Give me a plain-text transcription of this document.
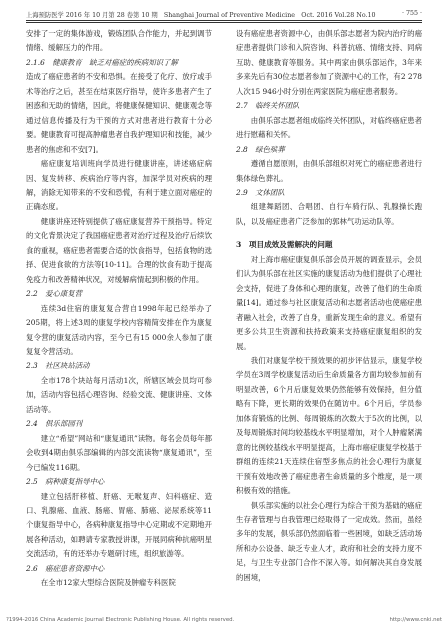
上海预防医学 2016 年 10 月第 28 卷第 10 期　Shanghai Journal of Preventive Medicine　Oct. 2016 Vol.28 No.10	· 755 ·

安排了一定的集体游戏，锻炼团队合作能力，并起到调节情绪、缓解压力的作用。

2.1.6　健康教育　缺乏对癌症的疾病知识了解

造成了癌症患者的不安和恐惧。在接受了化疗、放疗或手术等治疗之后，甚至在结束医疗指导，使许多患者产生了困惑和无助的情绪，因此，将健康保健知识、健康观念等通过信息传播及行为干预的方式对患者进行教育十分必要。健康教育可提高肿瘤患者自我护理知识和技能，减少患者的焦虑和不安[7]。

癌症康复培训班向学员进行健康讲座，讲述癌症病因、复发转移、疾病治疗等内容，加深学员对疾病的理解，消除无知带来的不安和恐慌，有利于建立面对癌症的正确态度。

健康讲座还特别提供了癌症康复营养干预指导。特定的文化背景决定了我国癌症患者对治疗过程及治疗后续饮食的重视，癌症患者需要合适的饮食指导，包括食物的选择、促进食欲的方法等[10-11]。合理的饮食有助于提高免疫力和改善精神状况，对缓解病情起到积极的作用。

2.2　爱心康复营

连续3d住宿的康复复合营自1998年起已经举办了205期，将上述3周的康复学校内容精简安排在作为康复复令营的康复活动内容，至今已有15 000余人参加了康复复令营活动。

2.3　社区块站活动

全市178个块站每月活动1次，所辖区域会员均可参加，活动内容包括心理咨询、经验交流、健康讲座、文体活动等。

2.4　俱乐部园刊

建立“希望”网站和“康复通讯”读物。每名会员每年都会收到4期由俱乐部编辑的内部交流读物“康复通讯”，至今已编发116期。

2.5　病种康复指导中心

建立包括肝移植、肝癌、无喉复声、妇科癌症、造口、乳腺癌、血液、肠癌、胃癌、肺癌、泌尿系统等11个康复指导中心，各病种康复指导中心定期或不定期地开展各种活动，如聘请专家教授讲课，开展同病种抗癌明星交流活动，有的还举办专题研讨班，组织旅游等。

2.6　癌症患者资源中心

在全市12家大型综合医院及肿瘤专科医院

设有癌症患者资源中心，由俱乐部志愿者为院内治疗的癌症患者提供门诊和入院咨询、科普抗癌、情绪支持、同病互助、健康教育等服务。其中两家由俱乐部运作，3年来多来先后有30位志愿者参加了资源中心的工作，有2 278人次15 946小时分别在两家医院为癌症患者服务。

2.7　临终关怀团队

由俱乐部志愿者组成临终关怀团队，对临终癌症患者进行慰藉和关怀。

2.8　绿色殡葬

遵循自愿原则，由俱乐部组织对死亡的癌症患者进行集体绿色葬礼。

2.9　文体团队

组建舞蹈团、合唱团、自行车骑行队、乳腺操长跑队，以及癌症患者广泛参加的郭林气功运动队等。

3　项目成效及需解决的问题

对上海市癌症康复俱乐部会员开展的调查显示，会员们认为俱乐部在社区实施的康复活动为他们提供了心理社会支持，促进了身体和心理的康复，改善了他们的生命质量[14]。通过参与社区康复活动和志愿者活动也使癌症患者融入社会，改善了自身，重新发现生命的意义。希望有更多公共卫生资源和扶持政策来支持癌症康复组织的发展。

我们对康复学校干预效果的初步评估显示，康复学校学员在3周学校康复活动后生命质量各方面均较参加前有明显改善，6个月后康复效果仍然能够有效保持，但分值略有下降，更长期的效果仍在随访中。6个月后，学员参加体育锻炼的比例、每周锻炼的次数大于5次的比例，以及每周锻炼时间均较基线水平明显增加，对个人肿瘤紧满意的比例较基线水平明显提高，上海市癌症康复学校基于群组的连续21天连续住宿型多焦点的社会心理行为康复干预有效地改善了癌症患者生命质量的多个维度，是一项积极有效的措施。

俱乐部实施的以社会心理行为综合干预为基础的癌症生存者管理与自我管理已经取得了一定成效。然而，虽经多年的发展，俱乐部仍然面临着一些困境，如缺乏活动场所和办公设备、缺乏专业人才，政府和社会的支持力度不足，与卫生专业部门合作不深入等。如何解决其自身发展的困境，

?1994-2016 China Academic Journal Electronic Publishing House. All rights reserved.	http://www.cnki.net
